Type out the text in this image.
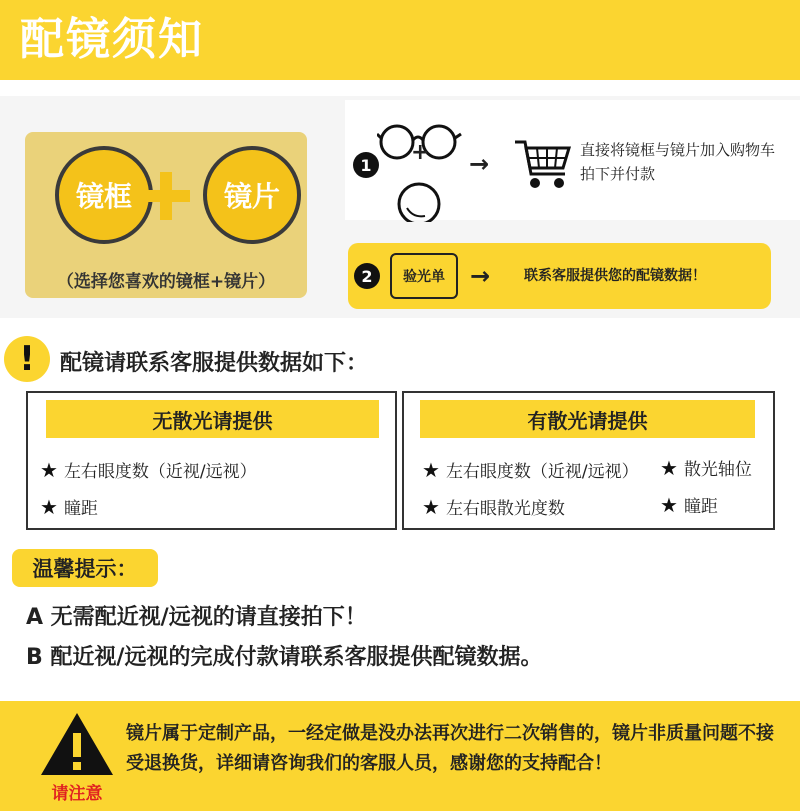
配镜须知
镜框	镜片
（选择您喜欢的镜框+镜片）
1	+ →	直接将镜框与镜片加入购物车拍下并付款
2	验光单	→ 联系客服提供您的配镜数据！
!	配镜请联系客服提供数据如下：
无散光请提供
★ 左右眼度数（近视/远视）
★ 瞳距
有散光请提供
★ 左右眼度数（近视/远视） ★ 散光轴位
★ 左右眼散光度数	★ 瞳距
温馨提示：
A 无需配近视/远视的请直接拍下！
B 配近视/远视的完成付款请联系客服提供配镜数据。
请注意
镜片属于定制产品，一经定做是没办法再次进行二次销售的，镜片非质量问题不接受退换货，详细请咨询我们的客服人员，感谢您的支持配合！
